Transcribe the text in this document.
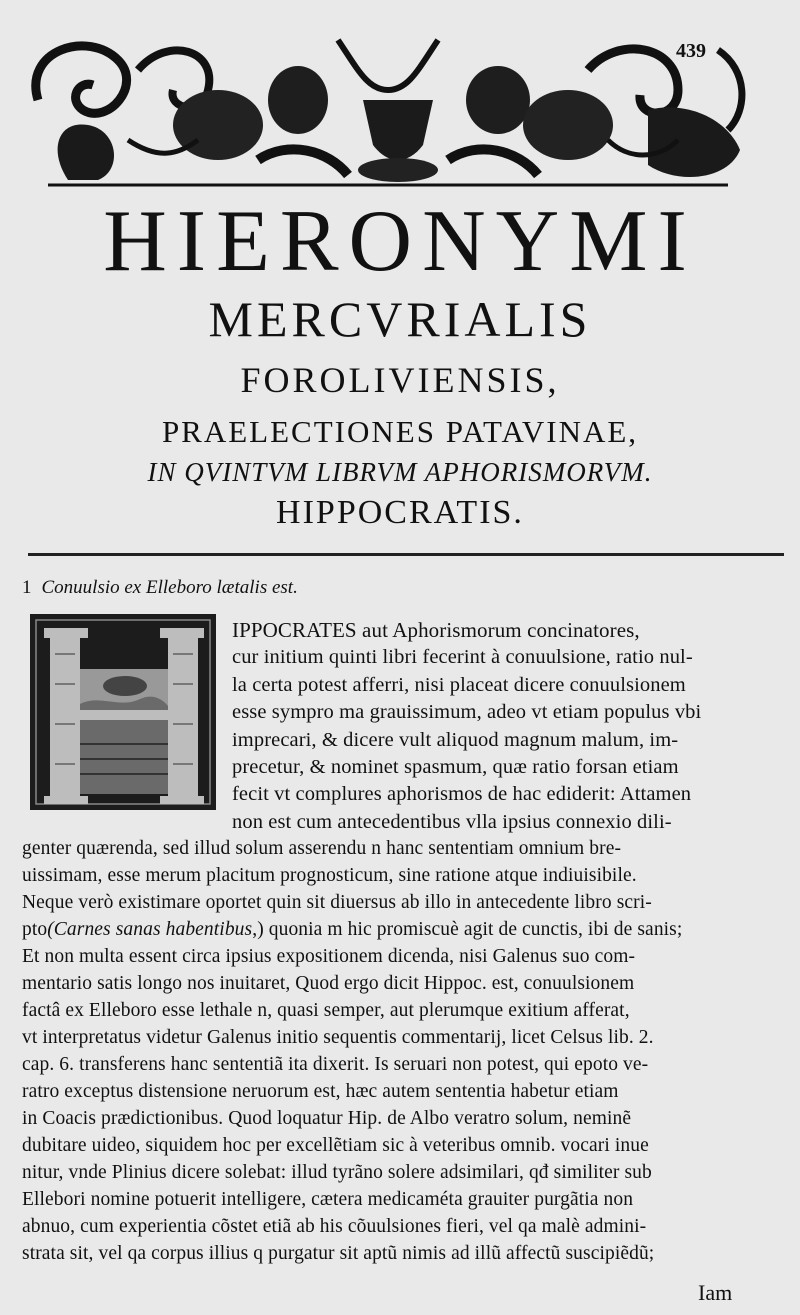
439
HIERONYMI
MERCVRIALIS
FOROLIVIENSIS,
PRAELECTIONES PATAVINAE,
IN QVINTVM LIBRVM APHORISMORVM.
HIPPOCRATIS.
1 Conuulsio ex Elleboro lætalis est.
IPPOCRATES aut Aphorismorum concinatores,
cur initium quinti libri fecerint à conuulsione, ratio nul-
la certa potest afferri, nisi placeat dicere conuulsionem
esse sympro ma grauissimum, adeo vt etiam populus vbi
imprecari, & dicere vult aliquod magnum malum, im-
precetur, & nominet spasmum, quæ ratio forsan etiam
fecit vt complures aphorismos de hac ediderit: Attamen
non est cum antecedentibus vlla ipsius connexio dili-
genter quærenda, sed illud solum asserendu n hanc sententiam omnium bre-
uissimam, esse merum placitum prognosticum, sine ratione atque indiuisibile.
Neque verò existimare oportet quin sit diuersus ab illo in antecedente libro scri-
pto(Carnes sanas habentibus,) quonia m hic promiscuè agit de cunctis, ibi de sanis;
Et non multa essent circa ipsius expositionem dicenda, nisi Galenus suo com-
mentario satis longo nos inuitaret, Quod ergo dicit Hippoc. est, conuulsionem
factâ ex Elleboro esse lethale n, quasi semper, aut plerumque exitium afferat,
vt interpretatus videtur Galenus initio sequentis commentarij, licet Celsus lib. 2.
cap. 6. transferens hanc sententiã ita dixerit. Is seruari non potest, qui epoto ve-
ratro exceptus distensione neruorum est, hæc autem sententia habetur etiam
in Coacis prædictionibus. Quod loquatur Hip. de Albo veratro solum, neminẽ
dubitare uideo, siquidem hoc per excellẽtiam sic à veteribus omnib. vocari inue
nitur, vnde Plinius dicere solebat: illud tyrãno solere adsimilari, qđ similiter sub
Ellebori nomine potuerit intelligere, cætera medicaméta grauiter purgãtia non
abnuo, cum experientia cõstet etiã ab his cõuulsiones fieri, vel qa malè admini-
strata sit, vel qa corpus illius q purgatur sit aptũ nimis ad illũ affectũ suscipiẽdũ;
Iam
